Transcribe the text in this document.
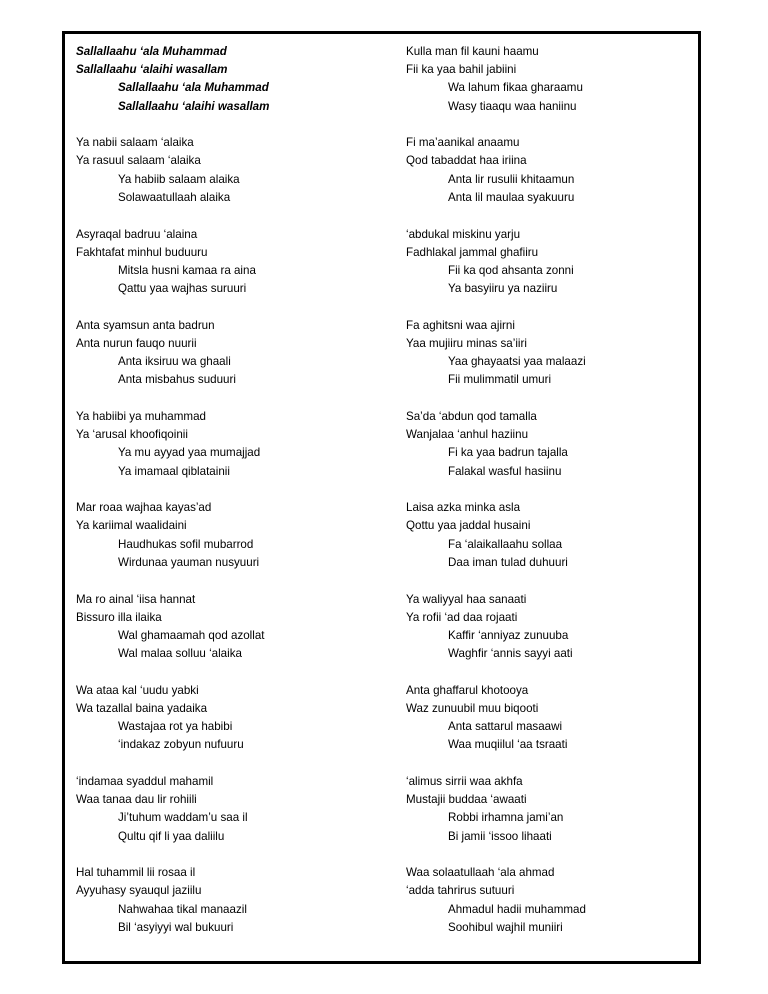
Sallallaahu ‘ala Muhammad
Sallallaahu ‘alaihi wasallam
Sallallaahu ‘ala Muhammad
Sallallaahu ‘alaihi wasallam
Ya nabii salaam ‘alaika
Ya rasuul salaam ‘alaika
Ya habiib salaam alaika
Solawaatullaah alaika
Asyraqal badruu ‘alaina
Fakhtafat minhul buduuru
Mitsla husni kamaa ra aina
Qattu yaa wajhas suruuri
Anta syamsun anta badrun
Anta nurun fauqo nuurii
Anta iksiruu wa ghaali
Anta misbahus suduuri
Ya habiibi ya muhammad
Ya ‘arusal khoofiqoinii
Ya mu ayyad yaa mumajjad
Ya imamaal qiblatainii
Mar roaa wajhaa kayas’ad
Ya kariimal waalidaini
Haudhukas sofil mubarrod
Wirdunaa yauman nusyuuri
Ma ro ainal ‘iisa hannat
Bissuro illa ilaika
Wal ghamaamah qod azollat
Wal malaa solluu ‘alaika
Wa ataa kal ‘uudu yabki
Wa tazallal baina yadaika
Wastajaa rot ya habibi
‘indakaz zobyun nufuuru
‘indamaa syaddul mahamil
Waa tanaa dau lir rohiili
Ji’tuhum waddam’u saa il
Qultu qif li yaa daliilu
Hal tuhammil lii rosaa il
Ayyuhasy syauqul jaziilu
Nahwahaa tikal manaazil
Bil ‘asyiyyi wal bukuuri
Kulla man fil kauni haamu
Fii ka yaa bahil jabiini
Wa lahum fikaa gharaamu
Wasy tiaaqu waa haniinu
Fi ma’aanikal anaamu
Qod tabaddat haa iriina
Anta lir rusulii khitaamun
Anta lil maulaa syakuuru
‘abdukal miskinu yarju
Fadhlakal jammal ghafiiru
Fii ka qod ahsanta zonni
Ya basyiiru ya naziiru
Fa aghitsni waa ajirni
Yaa mujiiru minas sa’iiri
Yaa ghayaatsi yaa malaazi
Fii mulimmatil umuri
Sa’da ‘abdun qod tamalla
Wanjalaa ‘anhul haziinu
Fi ka yaa badrun tajalla
Falakal wasful hasiinu
Laisa azka minka asla
Qottu yaa jaddal husaini
Fa ‘alaikallaahu sollaa
Daa iman tulad duhuuri
Ya waliyyal haa sanaati
Ya rofii ‘ad daa rojaati
Kaffir ‘anniyaz zunuuba
Waghfir ‘annis sayyi aati
Anta ghaffarul khotooya
Waz zunuubil muu biqooti
Anta sattarul masaawi
Waa muqiilul ‘aa tsraati
‘alimus sirrii waa akhfa
Mustajii buddaa ‘awaati
Robbi irhamna jami’an
Bi jamii ‘issoo lihaati
Waa solaatullaah ‘ala ahmad
‘adda tahrirus sutuuri
Ahmadul hadii muhammad
Soohibul wajhil muniiri
